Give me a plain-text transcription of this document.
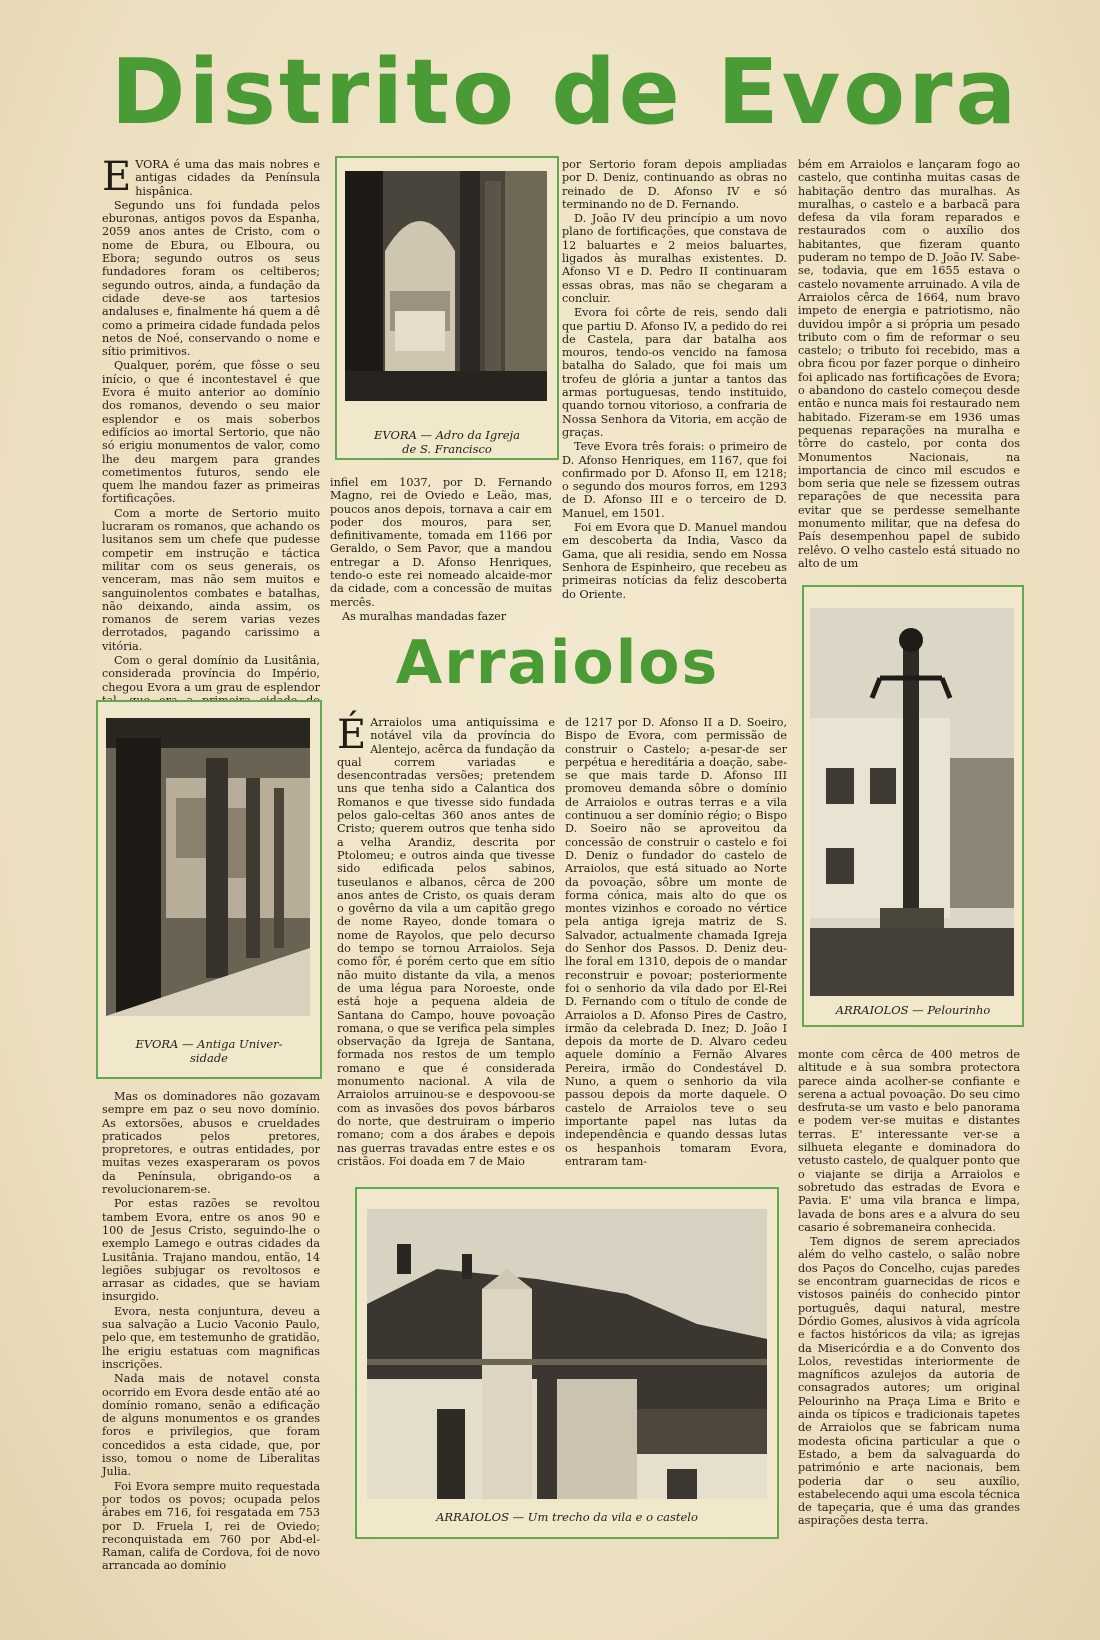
Distrito de Evora

EVORA é uma das mais nobres e antigas cidades da Península hispânica.

Segundo uns foi fundada pelos eburonas, antigos povos da Espanha, 2059 anos antes de Cristo, com o nome de Ebura, ou Elboura, ou Ebora; segundo outros os seus fundadores foram os celtiberos; segundo outros, ainda, a fundação da cidade deve-se aos tartesios andaluses e, finalmente há quem a dê como a primeira cidade fundada pelos netos de Noé, conservando o nome e sítio primitivos.

Qualquer, porém, que fôsse o seu início, o que é incontestavel é que Evora é muito anterior ao domínio dos romanos, devendo o seu maior esplendor e os mais soberbos edifícios ao imortal Sertorio, que não só erigiu monumentos de valor, como lhe deu margem para grandes cometimentos futuros, sendo ele quem lhe mandou fazer as primeiras fortificações.

Com a morte de Sertorio muito lucraram os romanos, que achando os lusitanos sem um chefe que pudesse competir em instrução e táctica militar com os seus generais, os venceram, mas não sem muitos e sanguinolentos combates e batalhas, não deixando, ainda assim, os romanos de serem varias vezes derrotados, pagando carissimo a vitória.

Com o geral domínio da Lusitânia, considerada província do Império, chegou Evora a um grau de esplendor

Mas os dominadores não gozavam sempre em paz o seu novo domínio. As extorsões, abusos e crueldades praticados pelos pretores, propretores, e outras entidades, por muitas vezes exasperaram os povos da Península, obrigando-os a revolucionarem-se.

Por estas razões se revoltou tambem Evora, entre os anos 90 e 100 de Jesus Cristo, seguindo-lhe o exemplo Lamego e outras cidades da Lusitânia. Trajano mandou, então, 14 legiões subjugar os revoltosos e arrasar as cidades, que se haviam insurgido.

Evora, nesta conjuntura, deveu a sua salvação a Lucio Vaconio Paulo, pelo que, em testemunho de gratidão, lhe erigiu estatuas com magnificas inscrições.

Nada mais de notavel consta ocorrido em Evora desde então até ao domínio romano, senão a edificação de alguns monumentos e os grandes foros e privilegios, que foram concedidos a esta cidade, que, por isso, tomou o nome de Liberalitas Julia.

Foi Evora sempre muito requestada por todos os povos; ocupada pelos árabes em 716, foi resgatada em 753 por D. Fruela I, rei de Oviedo; reconquistada em 760 por Abd-el-Raman, califa de Cordova, foi de novo arrancada ao domínio

EVORA — Adro da Igreja

de S. Francisco

infiel em 1037, por D. Fernando Magno, rei de Oviedo e Leão, mas, poucos anos depois, tornava a cair em poder dos mouros, para ser, definitivamente, tomada em 1166 por Geraldo, o Sem Pavor, que a mandou entregar a D. Afonso Henriques, tendo-o este rei nomeado alcaide-mor da cidade, com a concessão de muitas mercês.

As muralhas mandadas fazer

por Sertorio foram depois ampliadas por D. Deniz, continuando as obras no reinado de D. Afonso IV e só terminando no de D. Fernando.

D. João IV deu princípio a um novo plano de fortificações, que constava de 12 baluartes e 2 meios baluartes, ligados às muralhas existentes. D. Afonso VI e D. Pedro II continuaram essas obras, mas não se chegaram a concluir.

Evora foi côrte de reis, sendo dali que partiu D. Afonso IV, a pedido do rei de Castela, para dar batalha aos mouros, tendo-os vencido na famosa batalha do Salado, que foi mais um trofeu de glória a juntar a tantos das armas portuguesas, tendo instituido, quando tornou vitorioso, a confraria de Nossa Senhora da Vitoria, em acção de graças.

Teve Evora três forais: o primeiro de D. Afonso Henriques, em 1167, que foi confirmado por D. Afonso II, em 1218; o segundo dos mouros forros, em 1293 de D. Afonso III e o terceiro de D. Manuel, em 1501.

Foi em Evora que D. Manuel mandou em descoberta da India, Vasco da Gama, que ali residia, sendo em Nossa Senhora de Espinheiro, que recebeu as primeiras notícias da feliz descoberta do Oriente.

bém em Arraiolos e lançaram fogo ao castelo, que continha muitas casas de habitação dentro das muralhas. As muralhas, o castelo e a barbacã para defesa da vila foram reparados e restaurados com o auxílio dos habitantes, que fizeram quanto puderam no tempo de D. João IV. Sabe-se, todavia, que em 1655 estava o castelo novamente arruinado. A vila de Arraiolos cêrca de 1664, num bravo impeto de energia e patriotismo, não duvidou impôr a si própria um pesado tributo com o fim de reformar o seu castelo; o tributo foi recebido, mas a obra ficou por fazer porque o dinheiro foi aplicado nas fortificações de Evora; o abandono do castelo começou desde então e nunca mais foi restaurado nem habitado. Fizeram-se em 1936 umas pequenas reparações na muralha e tôrre do castelo, por conta dos Monumentos Nacionais, na importancia de cinco mil escudos e bom seria que nele se fizessem outras reparações de que necessita para evitar que se perdesse semelhante monumento militar, que na defesa do País desempenhou papel de subido relêvo. O velho castelo está situado no alto de um

Arraiolos

EVORA — Antiga Univer-

sidade

É Arraiolos uma antiquíssima e notável vila da província do Alentejo, acêrca da fundação da qual correm variadas e desencontradas versões; pretendem uns que tenha sido a Calantica dos Romanos e que tivesse sido fundada pelos galo-celtas 360 anos antes de Cristo; querem outros que tenha sido a velha Arandiz, descrita por Ptolomeu; e outros ainda que tivesse sido edificada pelos sabinos, tuseulanos e albanos, cêrca de 200 anos antes de Cristo, os quais deram o govêrno da vila a um capitão grego de nome Rayeo, donde tomara o nome de Rayolos, que pelo decurso do tempo se tornou Arraiolos. Seja como fôr, é porém certo que em sítio não muito distante da vila, a menos de uma légua para Noroeste, onde está hoje a pequena aldeia de Santana do Campo, houve povoação romana, o que se verifica pela simples observação da Igreja de Santana, formada nos restos de um templo romano e que é considerada monumento nacional. A vila de Arraiolos arruinou-se e despovoou-se com as invasões dos povos bárbaros do norte, que destruiram o imperio romano; com a dos árabes e depois nas guerras travadas entre estes e os cristãos. Foi doada em 7 de Maio

de 1217 por D. Afonso II a D. Soeiro, Bispo de Evora, com permissão de construir o Castelo; a-pesar-de ser perpétua e hereditária a doação, sabe-se que mais tarde D. Afonso III promoveu demanda sôbre o domínio de Arraiolos e outras terras e a vila continuou a ser domínio régio; o Bispo D. Soeiro não se aproveitou da concessão de construir o castelo e foi D. Deniz o fundador do castelo de Arraiolos, que está situado ao Norte da povoação, sôbre um monte de forma cónica, mais alto do que os montes vizinhos e coroado no vértice pela antiga igreja matriz de S. Salvador, actualmente chamada Igreja do Senhor dos Passos. D. Deniz deu-lhe foral em 1310, depois de o mandar reconstruir e povoar; posteriormente foi o senhorio da vila dado por El-Rei D. Fernando com o título de conde de Arraiolos a D. Afonso Pires de Castro, irmão da celebrada D. Inez; D. João I depois da morte de D. Alvaro cedeu aquele domínio a Fernão Alvares Pereira, irmão do Condestável D. Nuno, a quem o senhorio da vila passou depois da morte daquele. O castelo de Arraiolos teve o seu importante papel nas lutas da independência e quando dessas lutas os hespanhois tomaram Evora, entraram tam-

ARRAIOLOS — Pelourinho

monte com cêrca de 400 metros de altitude e à sua sombra protectora parece ainda acolher-se confiante e serena a actual povoação. Do seu cimo desfruta-se um vasto e belo panorama e podem ver-se muitas e distantes terras. E' interessante ver-se a silhueta elegante e dominadora do vetusto castelo, de qualquer ponto que o viajante se dirija a Arraiolos e sobretudo das estradas de Evora e Pavia. E' uma vila branca e limpa, lavada de bons ares e a alvura do seu casario é sobremaneira conhecida.

Tem dignos de serem apreciados além do velho castelo, o salão nobre dos Paços do Concelho, cujas paredes se encontram guarnecidas de ricos e vistosos painéis do conhecido pintor português, daqui natural, mestre Dórdio Gomes, alusivos à vida agrícola e factos históricos da vila; as igrejas da Misericórdia e a do Convento dos Lolos, revestidas interiormente de magníficos azulejos da autoria de consagrados autores; um original Pelourinho na Praça Lima e Brito e ainda os típicos e tradicionais tapetes de Arraiolos que se fabricam numa modesta oficina particular a que o Estado, a bem da salvaguarda do património e arte nacionais, bem poderia dar o seu auxílio, estabelecendo aqui uma escola técnica de tapeçaria, que é uma das grandes aspirações desta terra.

ARRAIOLOS — Um trecho da vila e o castelo
